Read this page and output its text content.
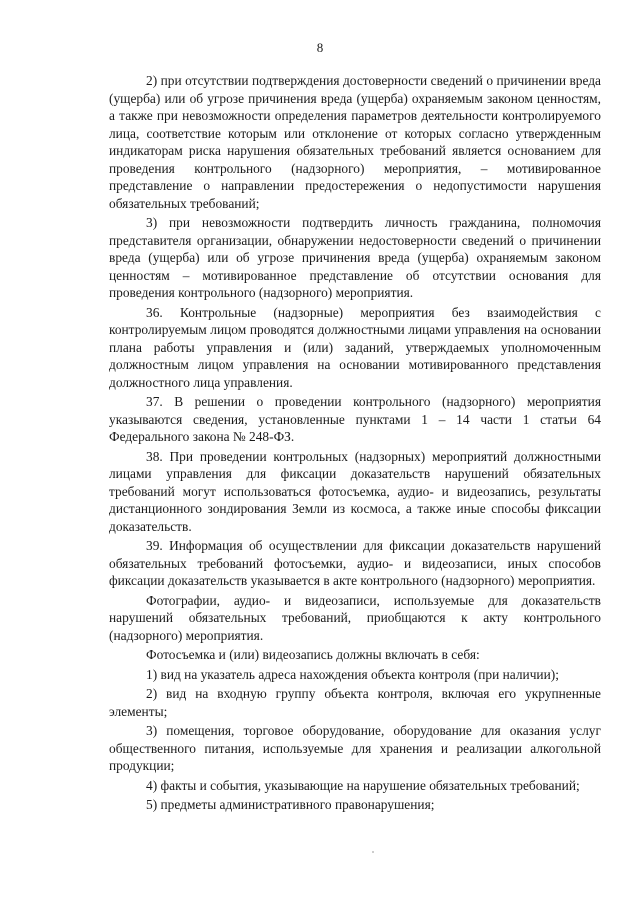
8

2) при отсутствии подтверждения достоверности сведений о причинении вреда (ущерба) или об угрозе причинения вреда (ущерба) охраняемым законом ценностям, а также при невозможности определения параметров деятельности контролируемого лица, соответствие которым или отклонение от которых согласно утвержденным индикаторам риска нарушения обязательных требований является основанием для проведения контрольного (надзорного) мероприятия, – мотивированное представление о направлении предостережения о недопустимости нарушения обязательных требований;

3) при невозможности подтвердить личность гражданина, полномочия представителя организации, обнаружении недостоверности сведений о причинении вреда (ущерба) или об угрозе причинения вреда (ущерба) охраняемым законом ценностям – мотивированное представление об отсутствии основания для проведения контрольного (надзорного) мероприятия.

36. Контрольные (надзорные) мероприятия без взаимодействия с контролируемым лицом проводятся должностными лицами управления на основании плана работы управления и (или) заданий, утверждаемых уполномоченным должностным лицом управления на основании мотивированного представления должностного лица управления.

37. В решении о проведении контрольного (надзорного) мероприятия указываются сведения, установленные пунктами 1 – 14 части 1 статьи 64 Федерального закона № 248-ФЗ.

38. При проведении контрольных (надзорных) мероприятий должностными лицами управления для фиксации доказательств нарушений обязательных требований могут использоваться фотосъемка, аудио- и видеозапись, результаты дистанционного зондирования Земли из космоса, а также иные способы фиксации доказательств.

39. Информация об осуществлении для фиксации доказательств нарушений обязательных требований фотосъемки, аудио- и видеозаписи, иных способов фиксации доказательств указывается в акте контрольного (надзорного) мероприятия.

Фотографии, аудио- и видеозаписи, используемые для доказательств нарушений обязательных требований, приобщаются к акту контрольного (надзорного) мероприятия.

Фотосъемка и (или) видеозапись должны включать в себя:

1) вид на указатель адреса нахождения объекта контроля (при наличии);

2) вид на входную группу объекта контроля, включая его укрупненные элементы;

3) помещения, торговое оборудование, оборудование для оказания услуг общественного питания, используемые для хранения и реализации алкогольной продукции;

4) факты и события, указывающие на нарушение обязательных требований;

5) предметы административного правонарушения;
